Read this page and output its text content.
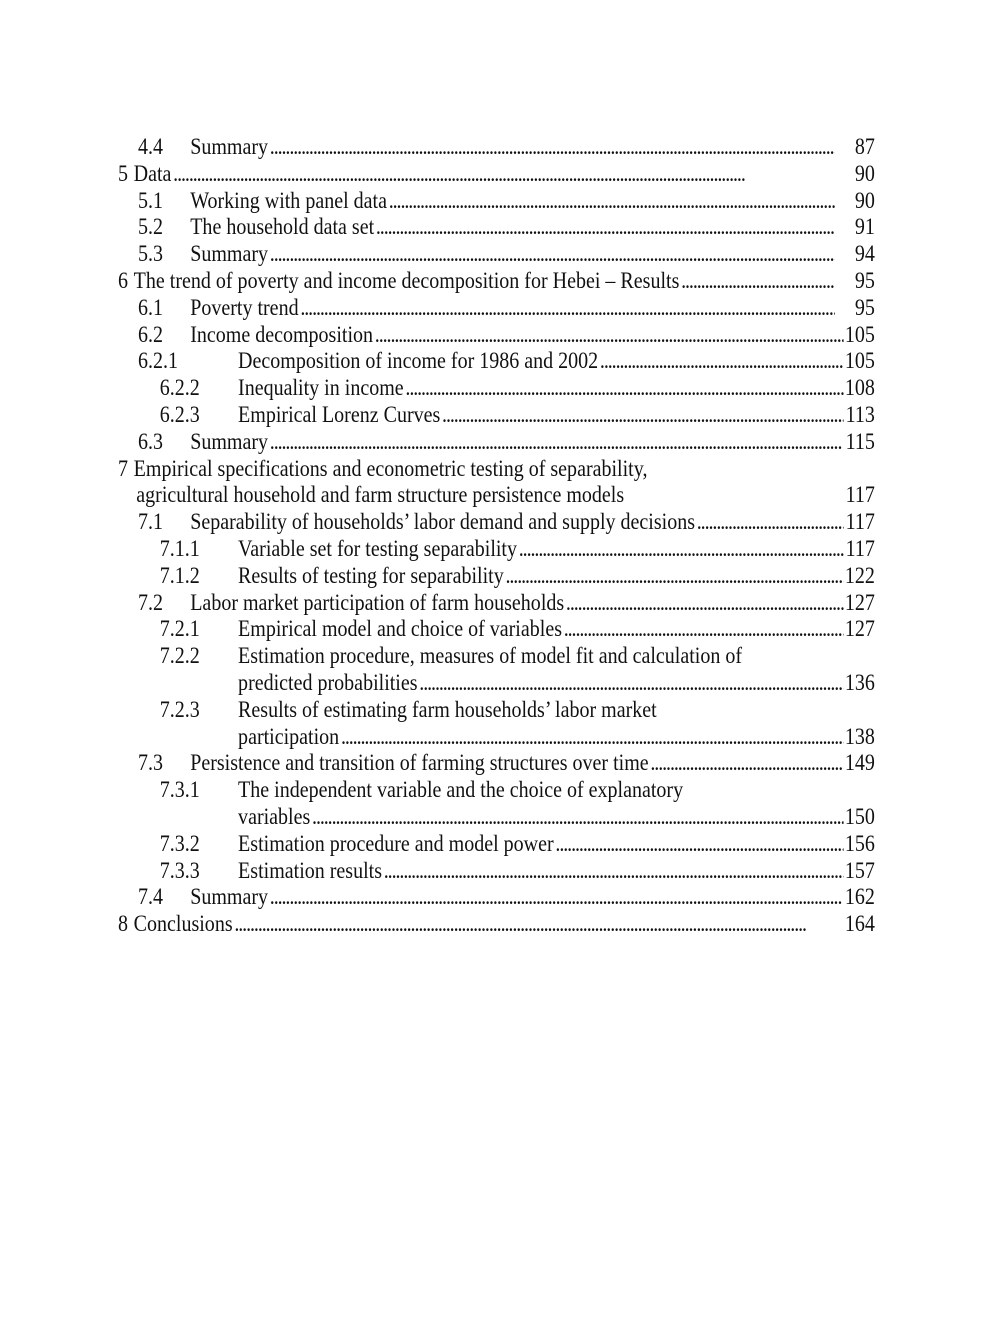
4.4 Summary . . .	87
5 Data . . .	90
5.1 Working with panel data . . .	90
5.2 The household data set . . .	91
5.3 Summary . . .	94
6 The trend of poverty and income decomposition for Hebei – Results . . .	95
6.1 Poverty trend . . .	95
6.2 Income decomposition . . .	105
6.2.1	Decomposition of income for 1986 and 2002 . . .	105
6.2.2 Inequality in income . . .	108
6.2.3 Empirical Lorenz Curves . . .	113
6.3 Summary . . .	115
7 Empirical specifications and econometric testing of separability,
agricultural household and farm structure persistence models	117
7.1 Separability of households’ labor demand and supply decisions . . .	117
7.1.1 Variable set for testing separability . . .	117
7.1.2 Results of testing for separability . . .	122
7.2 Labor market participation of farm households . . .	127
7.2.1 Empirical model and choice of variables . . .	127
7.2.2 Estimation procedure, measures of model fit and calculation of
predicted probabilities . . .	136
7.2.3 Results of estimating farm households’ labor market
participation . . .	138
7.3 Persistence and transition of farming structures over time . . .	149
7.3.1 The independent variable and the choice of explanatory
variables . . .	150
7.3.2 Estimation procedure and model power . . .	156
7.3.3 Estimation results . . .	157
7.4 Summary . . .	162
8 Conclusions . . .	164
